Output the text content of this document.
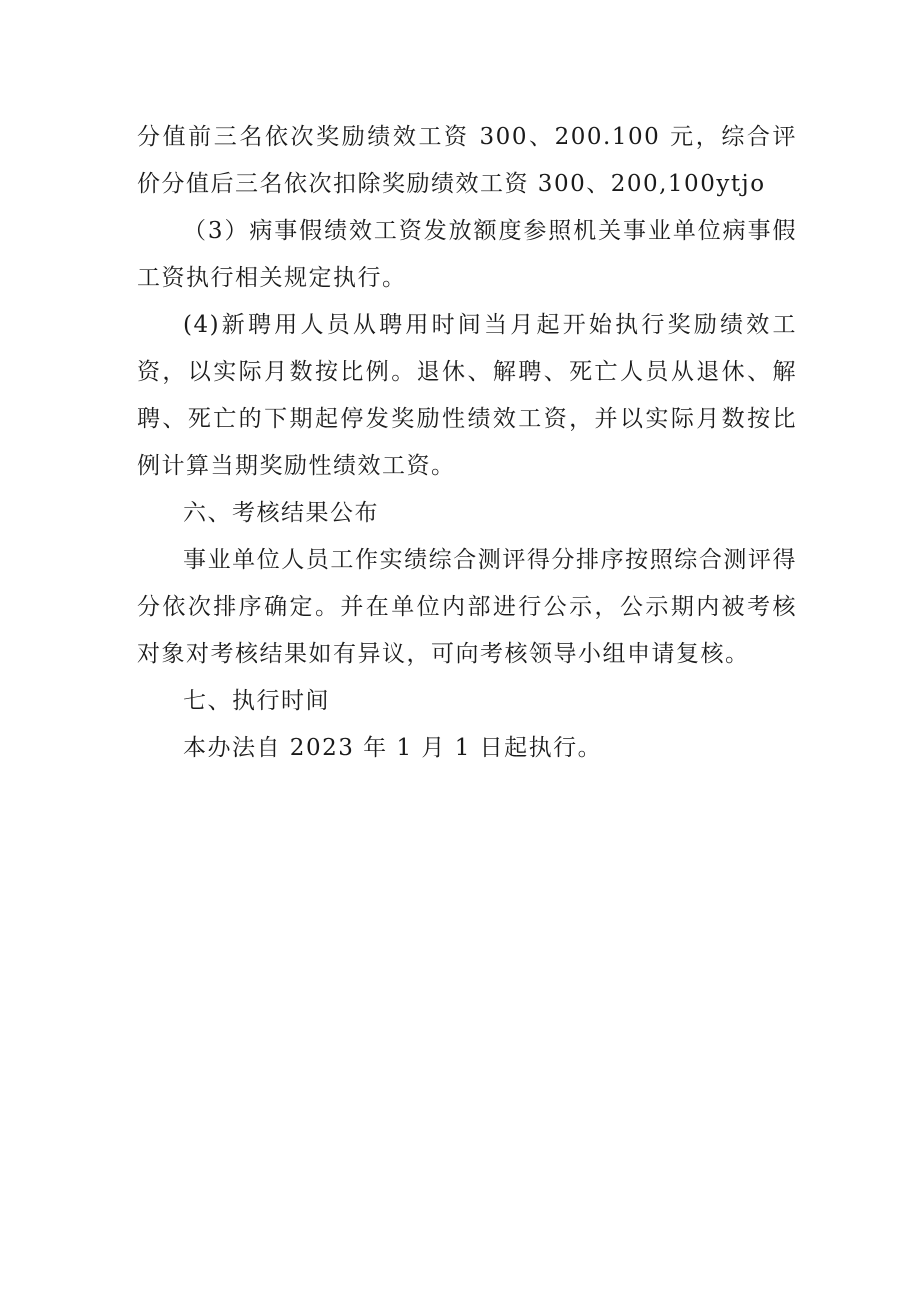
分值前三名依次奖励绩效工资 300、200.100 元，综合评价分值后三名依次扣除奖励绩效工资 300、200,100ytjo

（3）病事假绩效工资发放额度参照机关事业单位病事假工资执行相关规定执行。

(4)新聘用人员从聘用时间当月起开始执行奖励绩效工资，以实际月数按比例。退休、解聘、死亡人员从退休、解聘、死亡的下期起停发奖励性绩效工资，并以实际月数按比例计算当期奖励性绩效工资。

六、考核结果公布

事业单位人员工作实绩综合测评得分排序按照综合测评得分依次排序确定。并在单位内部进行公示，公示期内被考核对象对考核结果如有异议，可向考核领导小组申请复核。

七、执行时间

本办法自 2023 年 1 月 1 日起执行。
